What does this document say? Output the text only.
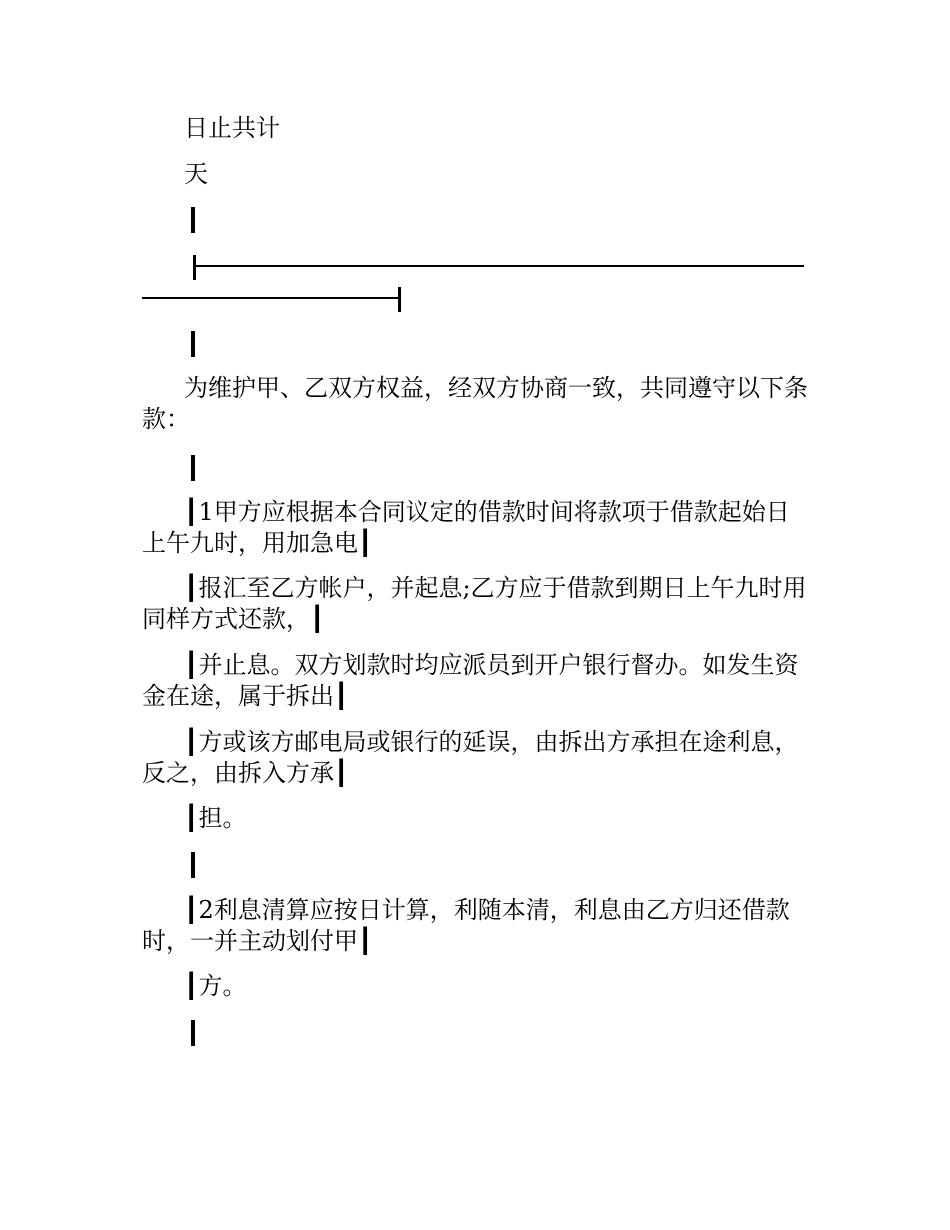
日止共计

天

为维护甲、乙双方权益，经双方协商一致，共同遵守以下条款：

┃1甲方应根据本合同议定的借款时间将款项于借款起始日上午九时，用加急电┃

┃报汇至乙方帐户，并起息;乙方应于借款到期日上午九时用同样方式还款，┃

┃并止息。双方划款时均应派员到开户银行督办。如发生资金在途，属于拆出┃

┃方或该方邮电局或银行的延误，由拆出方承担在途利息，反之，由拆入方承┃

┃担。

┃2利息清算应按日计算，利随本清，利息由乙方归还借款时，一并主动划付甲┃

┃方。
